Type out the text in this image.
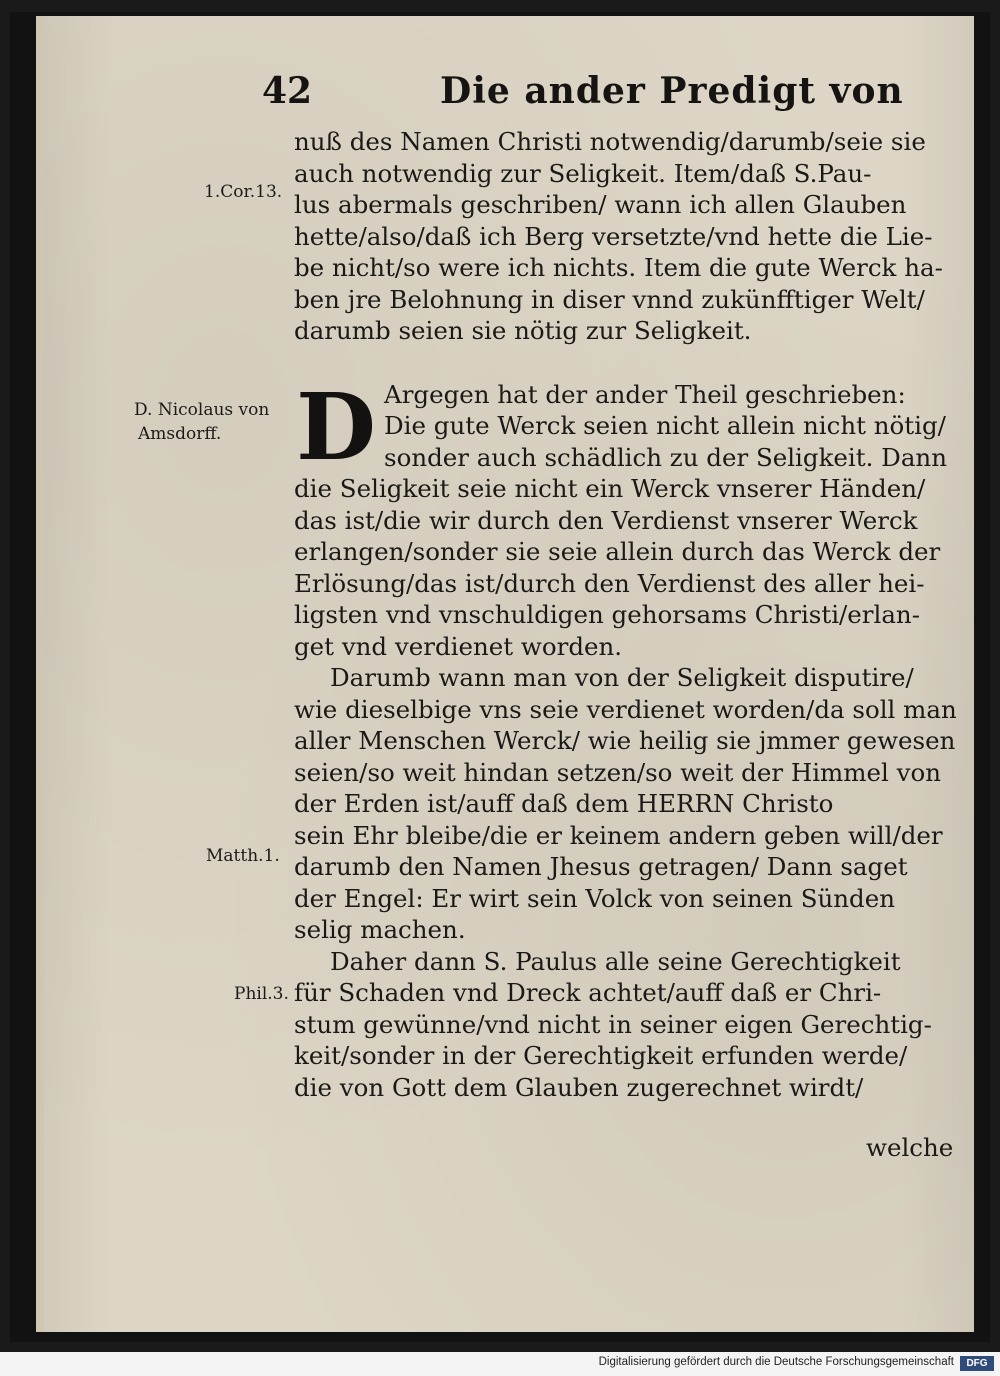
42	Die ander Predigt von

nuß des Namen Christi notwendig/darumb/seie sie
auch notwendig zur Seligkeit. Item/daß S.Pau-
lus abermals geschriben/ wann ich allen Glauben
hette/also/daß ich Berg versetzte/vnd hette die Lie-
be nicht/so were ich nichts. Item die gute Werck ha-
ben jre Belohnung in diser vnnd zukünfftiger Welt/
darumb seien sie nötig zur Seligkeit.

D Argegen hat der ander Theil geschrieben:
Die gute Werck seien nicht allein nicht nötig/
sonder auch schädlich zu der Seligkeit. Dann
die Seligkeit seie nicht ein Werck vnserer Händen/
das ist/die wir durch den Verdienst vnserer Werck
erlangen/sonder sie seie allein durch das Werck der
Erlösung/das ist/durch den Verdienst des aller hei-
ligsten vnd vnschuldigen gehorsams Christi/erlan-
get vnd verdienet worden.

Darumb wann man von der Seligkeit disputire/
wie dieselbige vns seie verdienet worden/da soll man
aller Menschen Werck/ wie heilig sie jmmer gewesen
seien/so weit hindan setzen/so weit der Himmel von
der Erden ist/auff daß dem HERRN Christo
sein Ehr bleibe/die er keinem andern geben will/der
darumb den Namen Jhesus getragen/ Dann saget
der Engel: Er wirt sein Volck von seinen Sünden
selig machen.

Daher dann S. Paulus alle seine Gerechtigkeit
für Schaden vnd Dreck achtet/auff daß er Chri-
stum gewünne/vnd nicht in seiner eigen Gerechtig-
keit/sonder in der Gerechtigkeit erfunden werde/
die von Gott dem Glauben zugerechnet wirdt/

welche
1.Cor.13.
D. Nicolaus von
Amsdorff.
Matth.1.
Phil.3.
Digitalisierung gefördert durch die Deutsche Forschungsgemeinschaft	DFG
